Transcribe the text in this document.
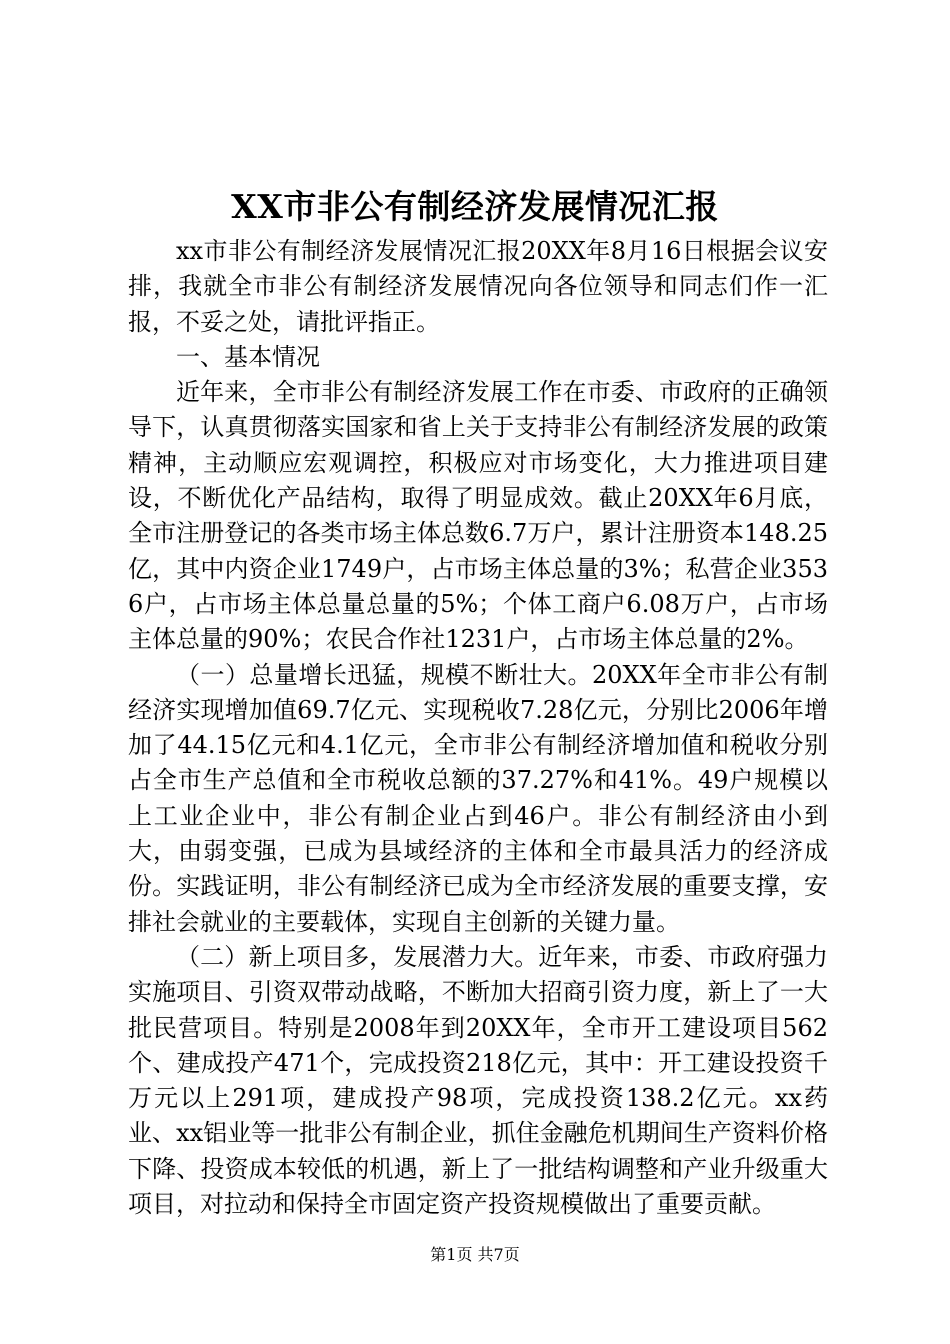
XX市非公有制经济发展情况汇报

xx市非公有制经济发展情况汇报20XX年8月16日根据会议安排，我就全市非公有制经济发展情况向各位领导和同志们作一汇报，不妥之处，请批评指正。

一、基本情况

近年来，全市非公有制经济发展工作在市委、市政府的正确领导下，认真贯彻落实国家和省上关于支持非公有制经济发展的政策精神，主动顺应宏观调控，积极应对市场变化，大力推进项目建设，不断优化产品结构，取得了明显成效。截止20XX年6月底，全市注册登记的各类市场主体总数6.7万户，累计注册资本148.25亿，其中内资企业1749户，占市场主体总量的3%；私营企业3536户，占市场主体总量总量的5%；个体工商户6.08万户，占市场主体总量的90%；农民合作社1231户，占市场主体总量的2%。

（一）总量增长迅猛，规模不断壮大。20XX年全市非公有制经济实现增加值69.7亿元、实现税收7.28亿元，分别比2006年增加了44.15亿元和4.1亿元，全市非公有制经济增加值和税收分别占全市生产总值和全市税收总额的37.27%和41%。49户规模以上工业企业中，非公有制企业占到46户。非公有制经济由小到大，由弱变强，已成为县域经济的主体和全市最具活力的经济成份。实践证明，非公有制经济已成为全市经济发展的重要支撑，安排社会就业的主要载体，实现自主创新的关键力量。

（二）新上项目多，发展潜力大。近年来，市委、市政府强力实施项目、引资双带动战略，不断加大招商引资力度，新上了一大批民营项目。特别是2008年到20XX年，全市开工建设项目562个、建成投产471个，完成投资218亿元，其中：开工建设投资千万元以上291项，建成投产98项，完成投资138.2亿元。xx药业、xx铝业等一批非公有制企业，抓住金融危机期间生产资料价格下降、投资成本较低的机遇，新上了一批结构调整和产业升级重大项目，对拉动和保持全市固定资产投资规模做出了重要贡献。

第1页 共7页
